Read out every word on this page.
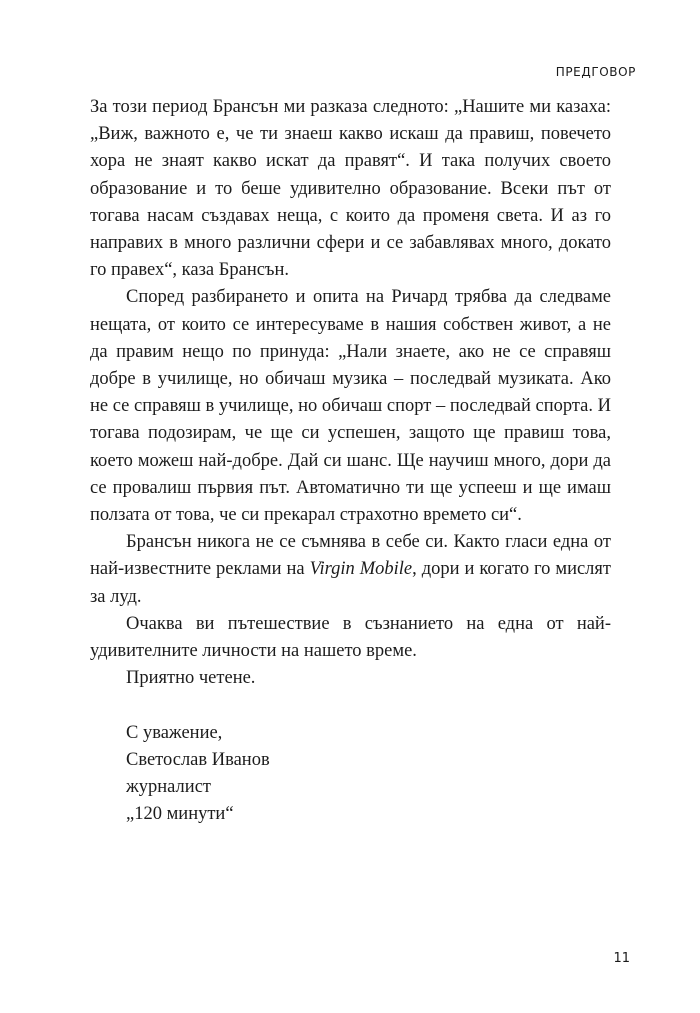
ПРЕДГОВОР

За този период Брансън ми разказа следното: „Нашите ми казаха: „Виж, важното е, че ти знаеш какво искаш да правиш, повечето хора не знаят какво искат да правят“. И така получих своето образование и то беше удивително образование. Всеки път от тогава насам създавах неща, с които да променя света. И аз го направих в много различни сфери и се забавлявах много, докато го правех“, каза Брансън.

Според разбирането и опита на Ричард трябва да следваме нещата, от които се интересуваме в нашия собствен живот, а не да правим нещо по принуда: „Нали знаете, ако не се справяш добре в училище, но обичаш музика – последвай музиката. Ако не се справяш в училище, но обичаш спорт – последвай спорта. И тогава подозирам, че ще си успешен, защото ще правиш това, което можеш най-добре. Дай си шанс. Ще научиш много, дори да се провалиш първия път. Автоматично ти ще успееш и ще имаш ползата от това, че си прекарал страхотно времето си“.

Брансън никога не се съмнява в себе си. Както гласи една от най-известните реклами на Virgin Mobile, дори и когато го мислят за луд.

Очаква ви пътешествие в съзнанието на една от най-удивителните личности на нашето време.

Приятно четене.

С уважение,

Светослав Иванов

журналист

„120 минути“

11
